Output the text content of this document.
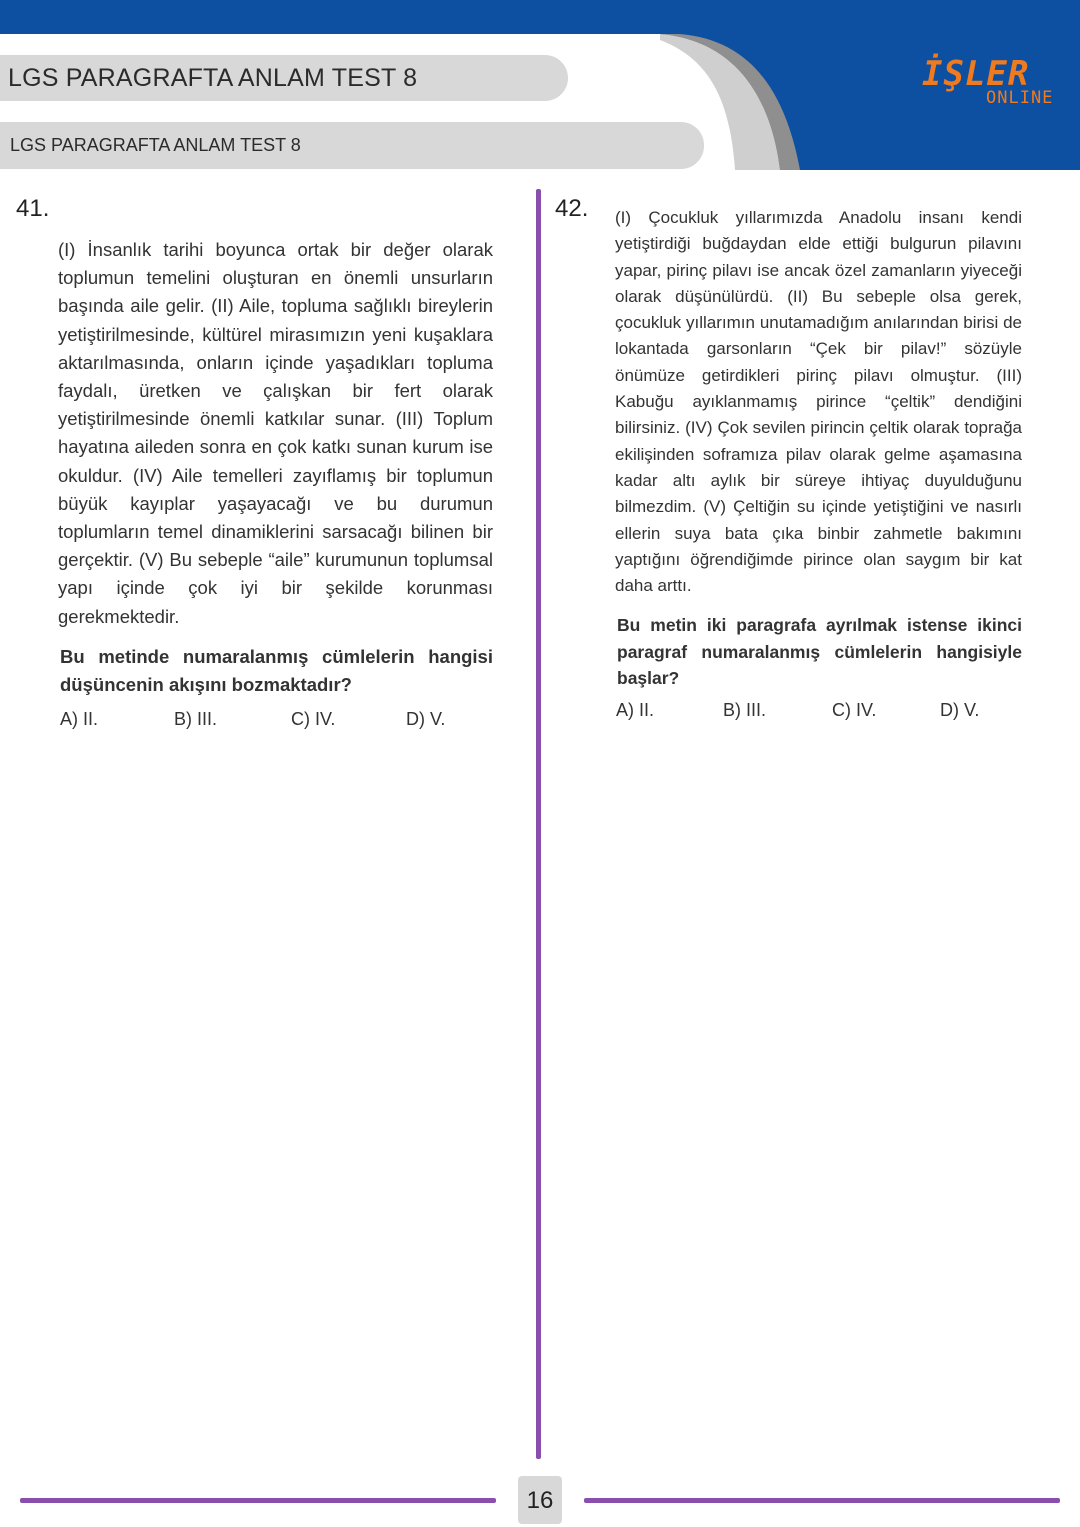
LGS PARAGRAFTA ANLAM TEST 8
LGS PARAGRAFTA ANLAM TEST 8
İŞLER
ONLINE
41.
(I) İnsanlık tarihi boyunca ortak bir değer olarak toplumun temelini oluşturan en önemli unsurların başında aile gelir. (II) Aile, topluma sağlıklı bireylerin yetiştirilmesinde, kültürel mirasımızın yeni kuşaklara aktarılmasında, onların içinde yaşadıkları topluma faydalı, üretken ve çalışkan bir fert olarak yetiştirilmesinde önemli katkılar sunar. (III) Toplum hayatına aileden sonra en çok katkı sunan kurum ise okuldur. (IV) Aile temelleri zayıflamış bir toplumun büyük kayıplar yaşayacağı ve bu durumun toplumların temel dinamiklerini sarsacağı bilinen bir gerçektir. (V) Bu sebeple “aile” kurumunun toplumsal yapı içinde çok iyi bir şekilde korunması gerekmektedir.
Bu metinde numaralanmış cümlelerin hangisi düşüncenin akışını bozmaktadır?
A) II.	B) III.	C) IV.	D) V.
42. (I) Çocukluk yıllarımızda Anadolu insanı kendi yetiştirdiği buğdaydan elde ettiği bulgurun pilavını yapar, pirinç pilavı ise ancak özel zamanların yiyeceği olarak düşünülürdü. (II) Bu sebeple olsa gerek, çocukluk yıllarımın unutamadığım anılarından birisi de lokantada garsonların “Çek bir pilav!” sözüyle önümüze getirdikleri pirinç pilavı olmuştur. (III) Kabuğu ayıklanmamış pirince “çeltik” dendiğini bilirsiniz. (IV) Çok sevilen pirincin çeltik olarak toprağa ekilişinden soframıza pilav olarak gelme aşamasına kadar altı aylık bir süreye ihtiyaç duyulduğunu bilmezdim. (V) Çeltiğin su içinde yetiştiğini ve nasırlı ellerin suya bata çıka binbir zahmetle bakımını yaptığını öğrendiğimde pirince olan saygım bir kat daha arttı.
Bu metin iki paragrafa ayrılmak istense ikinci paragraf numaralanmış cümlelerin hangisiyle başlar?
A) II.	B) III.	C) IV.	D) V.
16
